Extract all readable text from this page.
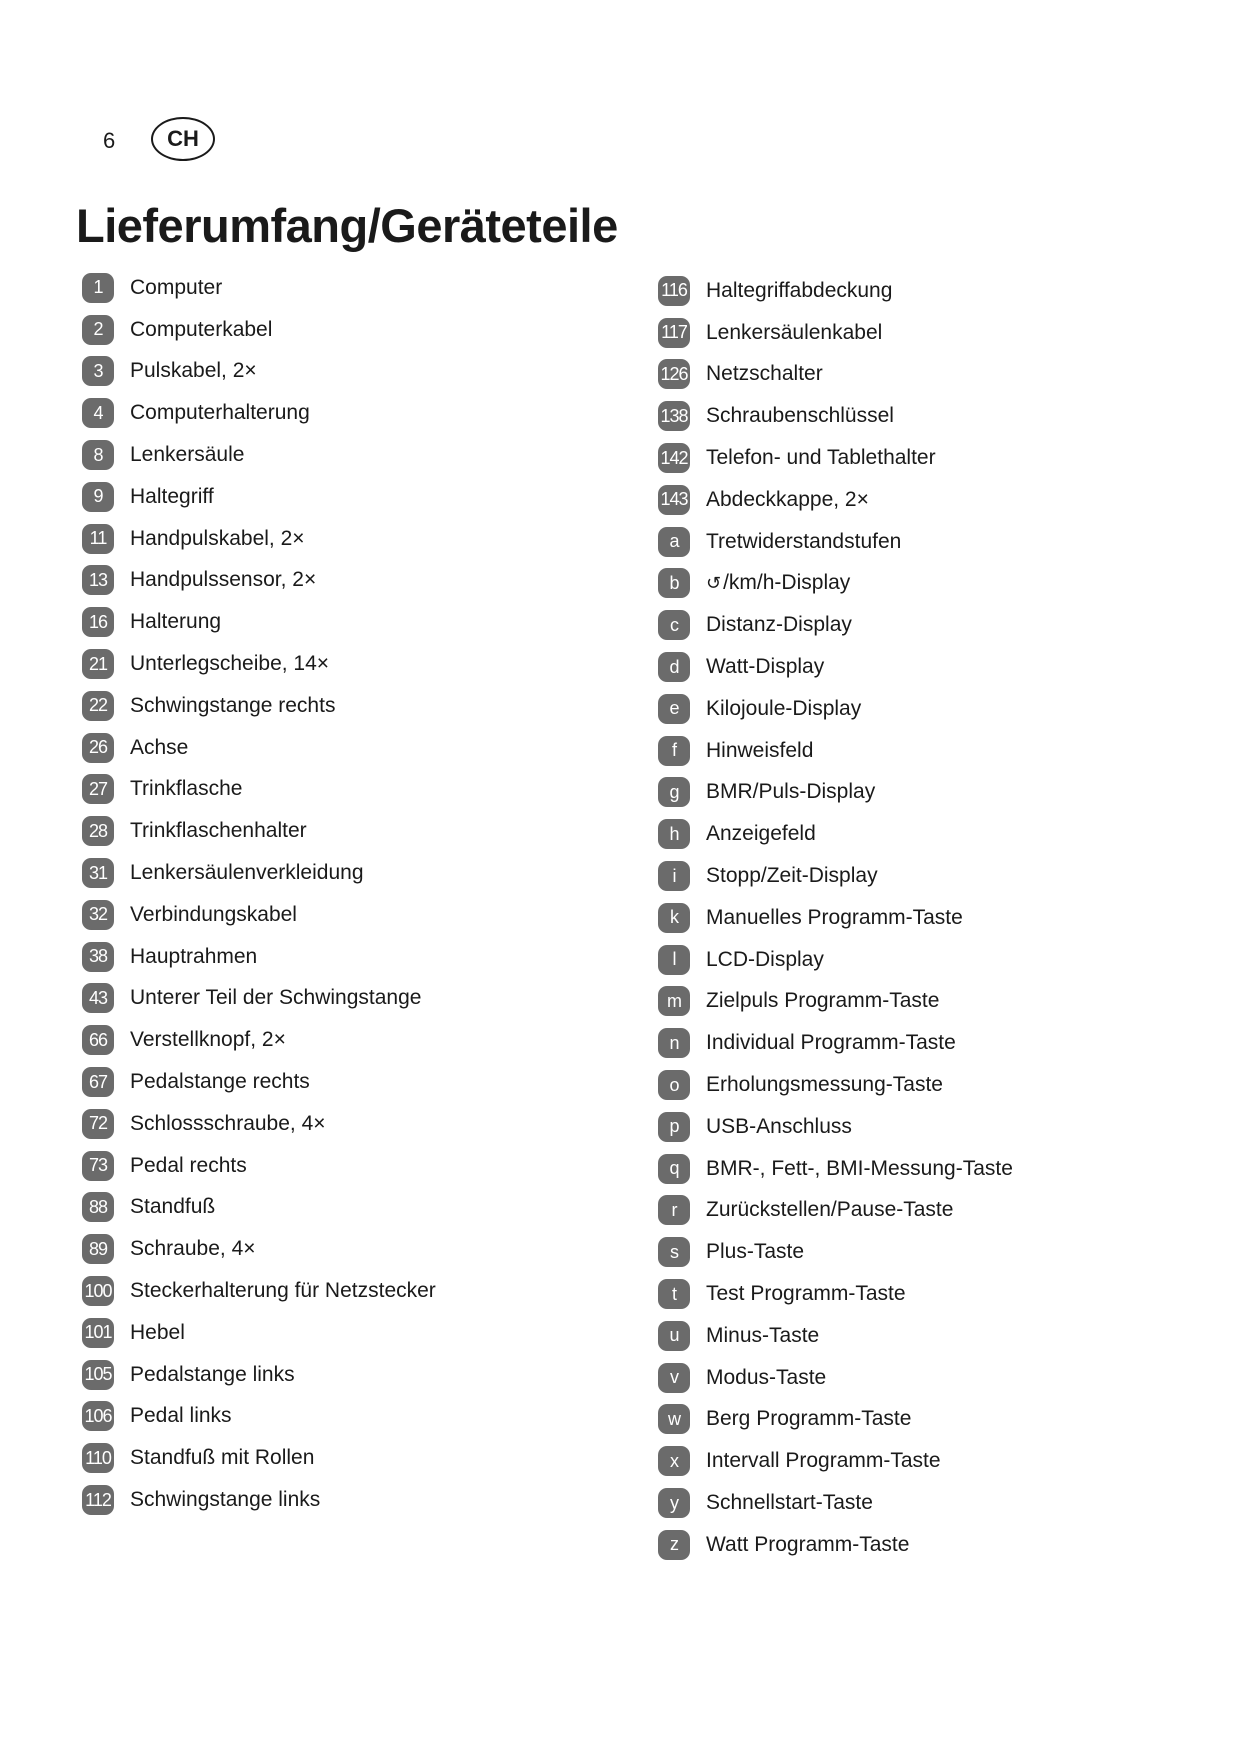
6	CH
Lieferumfang/Geräteteile
1	Computer
2	Computerkabel
3	Pulskabel, 2×
4	Computerhalterung
8	Lenkersäule
9	Haltegriff
11	Handpulskabel, 2×
13	Handpulssensor, 2×
16	Halterung
21	Unterlegscheibe, 14×
22	Schwingstange rechts
26	Achse
27	Trinkflasche
28	Trinkflaschenhalter
31	Lenkersäulenverkleidung
32	Verbindungskabel
38	Hauptrahmen
43	Unterer Teil der Schwingstange
66	Verstellknopf, 2×
67	Pedalstange rechts
72	Schlossschraube, 4×
73	Pedal rechts
88	Standfuß
89	Schraube, 4×
100 Steckerhalterung für Netzstecker
101 Hebel
105 Pedalstange links
106 Pedal links
110 Standfuß mit Rollen
112 Schwingstange links
116 Haltegriffabdeckung
117 Lenkersäulenkabel
126 Netzschalter
138 Schraubenschlüssel
142 Telefon- und Tablethalter
143 Abdeckkappe, 2×
a	Tretwiderstandstufen
b	↺/km/h-Display
c	Distanz-Display
d	Watt-Display
e	Kilojoule-Display
f	Hinweisfeld
g	BMR/Puls-Display
h	Anzeigefeld
i	Stopp/Zeit-Display
k	Manuelles Programm-Taste
l	LCD-Display
m	Zielpuls Programm-Taste
n	Individual Programm-Taste
o	Erholungsmessung-Taste
p	USB-Anschluss
q	BMR-, Fett-, BMI-Messung-Taste
r	Zurückstellen/Pause-Taste
s	Plus-Taste
t	Test Programm-Taste
u	Minus-Taste
v	Modus-Taste
w	Berg Programm-Taste
x	Intervall Programm-Taste
y	Schnellstart-Taste
z	Watt Programm-Taste
